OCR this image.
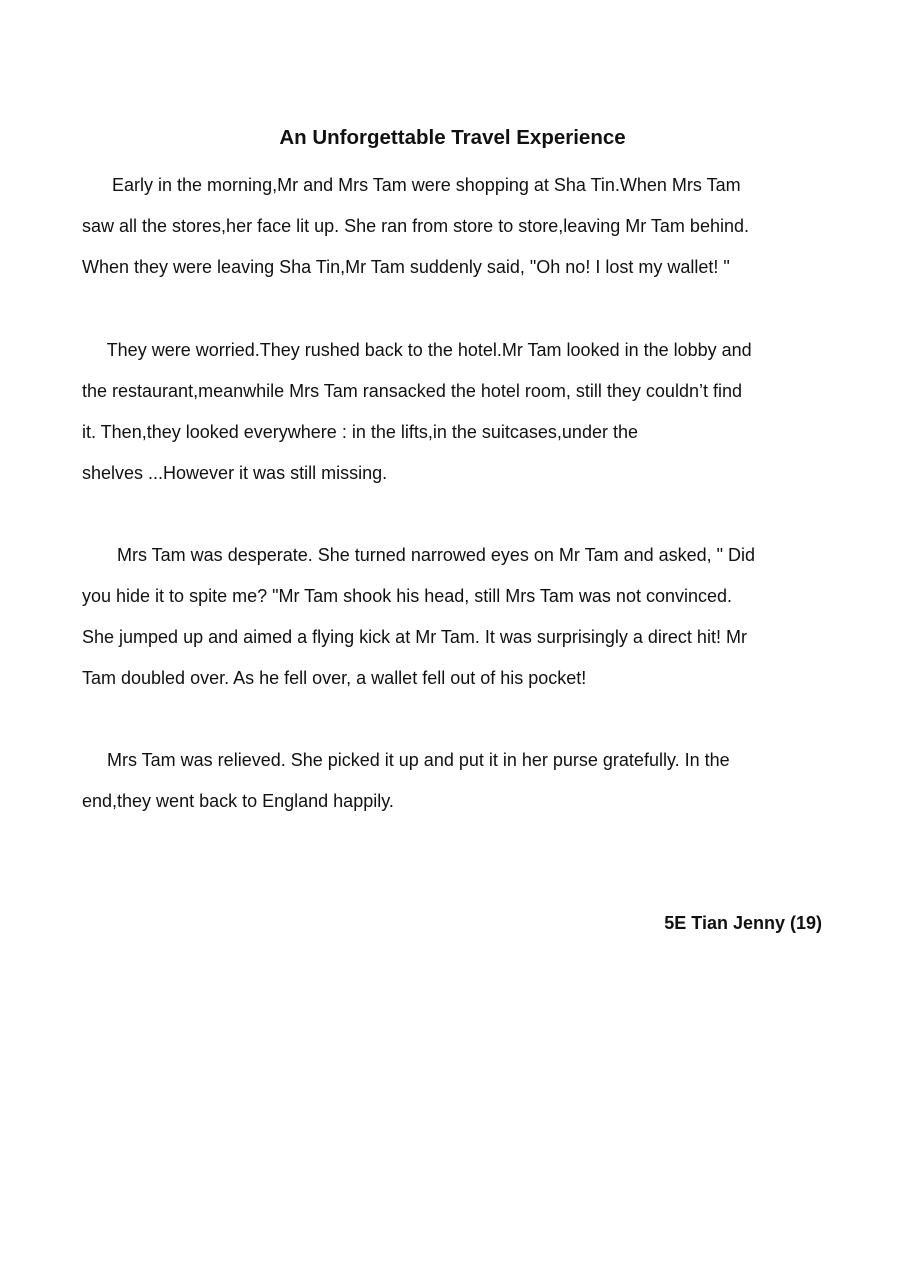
An Unforgettable Travel Experience

Early in the morning,Mr and Mrs Tam were shopping at Sha Tin.When Mrs Tam

saw all the stores,her face lit up. She ran from store to store,leaving Mr Tam behind.

When they were leaving Sha Tin,Mr Tam suddenly said, "Oh no! I lost my wallet! "

They were worried.They rushed back to the hotel.Mr Tam looked in the lobby and

the restaurant,meanwhile Mrs Tam ransacked the hotel room, still they couldn’t find

it. Then,they looked everywhere : in the lifts,in the suitcases,under the

shelves ...However it was still missing.

Mrs Tam was desperate. She turned narrowed eyes on Mr Tam and asked, " Did

you hide it to spite me? "Mr Tam shook his head, still Mrs Tam was not convinced.

She jumped up and aimed a flying kick at Mr Tam. It was surprisingly a direct hit! Mr

Tam doubled over. As he fell over, a wallet fell out of his pocket!

Mrs Tam was relieved. She picked it up and put it in her purse gratefully. In the

end,they went back to England happily.

5E Tian Jenny (19)
